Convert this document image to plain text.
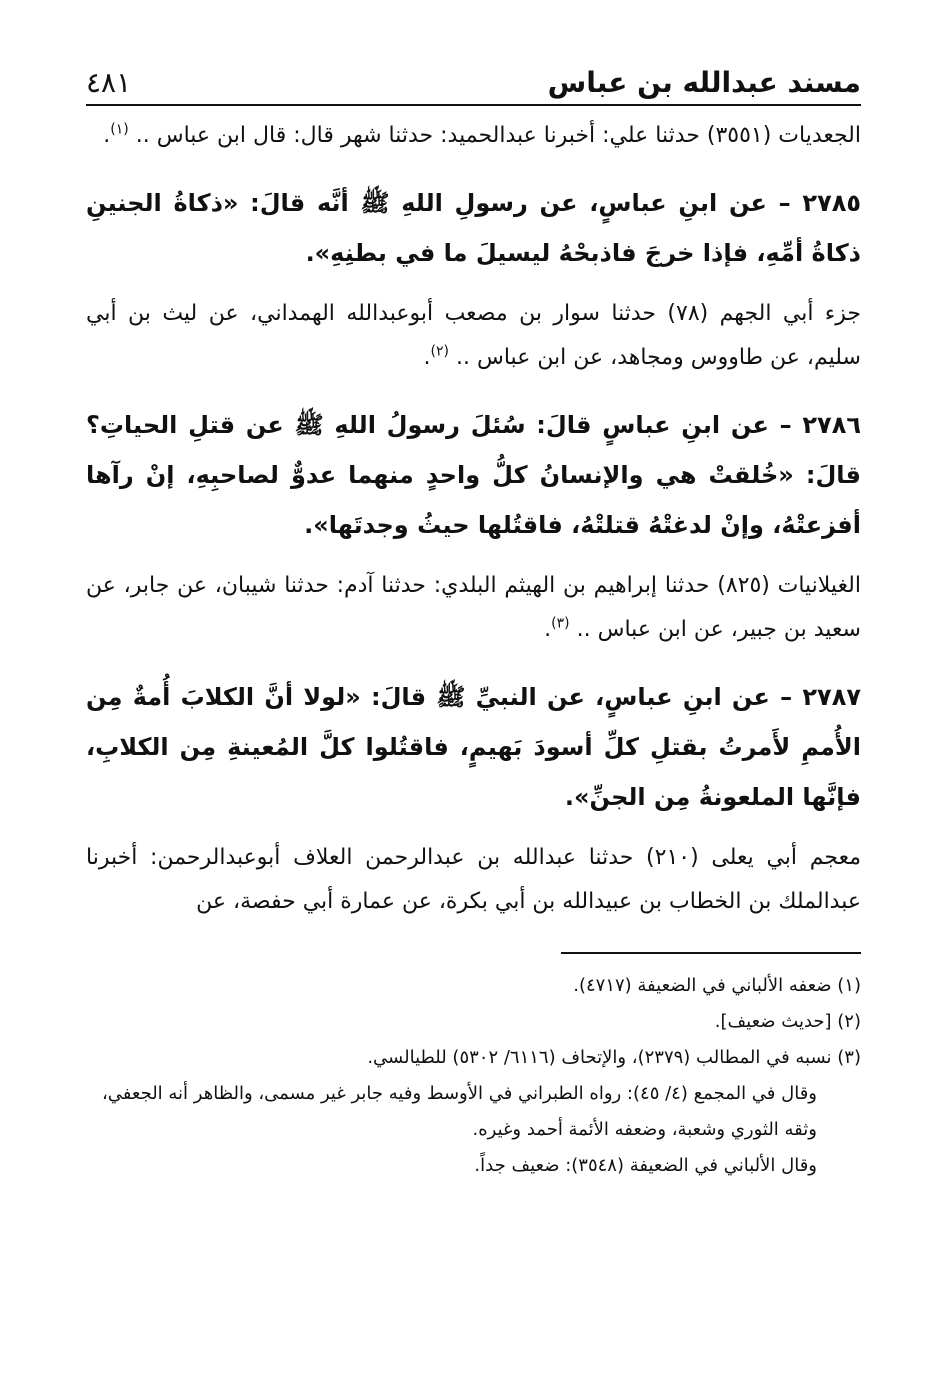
مسند عبدالله بن عباس
٤٨١

الجعديات (٣٥٥١) حدثنا علي: أخبرنا عبدالحميد: حدثنا شهر قال: قال ابن عباس .. $^{(١)}$.

٢٧٨٥ – عن ابنِ عباسٍ، عن رسولِ اللهِ ﷺ أنَّه قالَ: «ذكاةُ الجنينِ ذكاةُ أمِّهِ، فإذا خرجَ فاذبحْهُ ليسيلَ ما في بطنِهِ».

جزء أبي الجهم (٧٨) حدثنا سوار بن مصعب أبوعبدالله الهمداني، عن ليث بن أبي سليم، عن طاووس ومجاهد، عن ابن عباس .. $^{(٢)}$.

٢٧٨٦ – عن ابنِ عباسٍ قالَ: سُئلَ رسولُ اللهِ ﷺ عن قتلِ الحياتِ؟ قالَ: «خُلقتْ هي والإنسانُ كلُّ واحدٍ منهما عدوٌّ لصاحبِهِ، إنْ رآها أفزعتْهُ، وإنْ لدغتْهُ قتلتْهُ، فاقتُلها حيثُ وجدتَها».

الغيلانيات (٨٢٥) حدثنا إبراهيم بن الهيثم البلدي: حدثنا آدم: حدثنا شيبان، عن جابر، عن سعيد بن جبير، عن ابن عباس .. $^{(٣)}$.

٢٧٨٧ – عن ابنِ عباسٍ، عن النبيِّ ﷺ قالَ: «لولا أنَّ الكلابَ أُمةٌ مِن الأُممِ لأَمرتُ بقتلِ كلِّ أسودَ بَهيمٍ، فاقتُلوا كلَّ المُعينةِ مِن الكلابِ، فإنَّها الملعونةُ مِن الجنِّ».

معجم أبي يعلى (٢١٠) حدثنا عبدالله بن عبدالرحمن العلاف أبوعبدالرحمن: أخبرنا عبدالملك بن الخطاب بن عبيدالله بن أبي بكرة، عن عمارة أبي حفصة، عن

(١) ضعفه الألباني في الضعيفة (٤٧١٧).

(٢) [حديث ضعيف].

(٣) نسبه في المطالب (٢٣٧٩)، والإتحاف (٦١١٦/ ٥٣٠٢) للطيالسي.

وقال في المجمع (٤/ ٤٥): رواه الطبراني في الأوسط وفيه جابر غير مسمى، والظاهر أنه الجعفي، وثقه الثوري وشعبة، وضعفه الأئمة أحمد وغيره.

وقال الألباني في الضعيفة (٣٥٤٨): ضعيف جداً.
